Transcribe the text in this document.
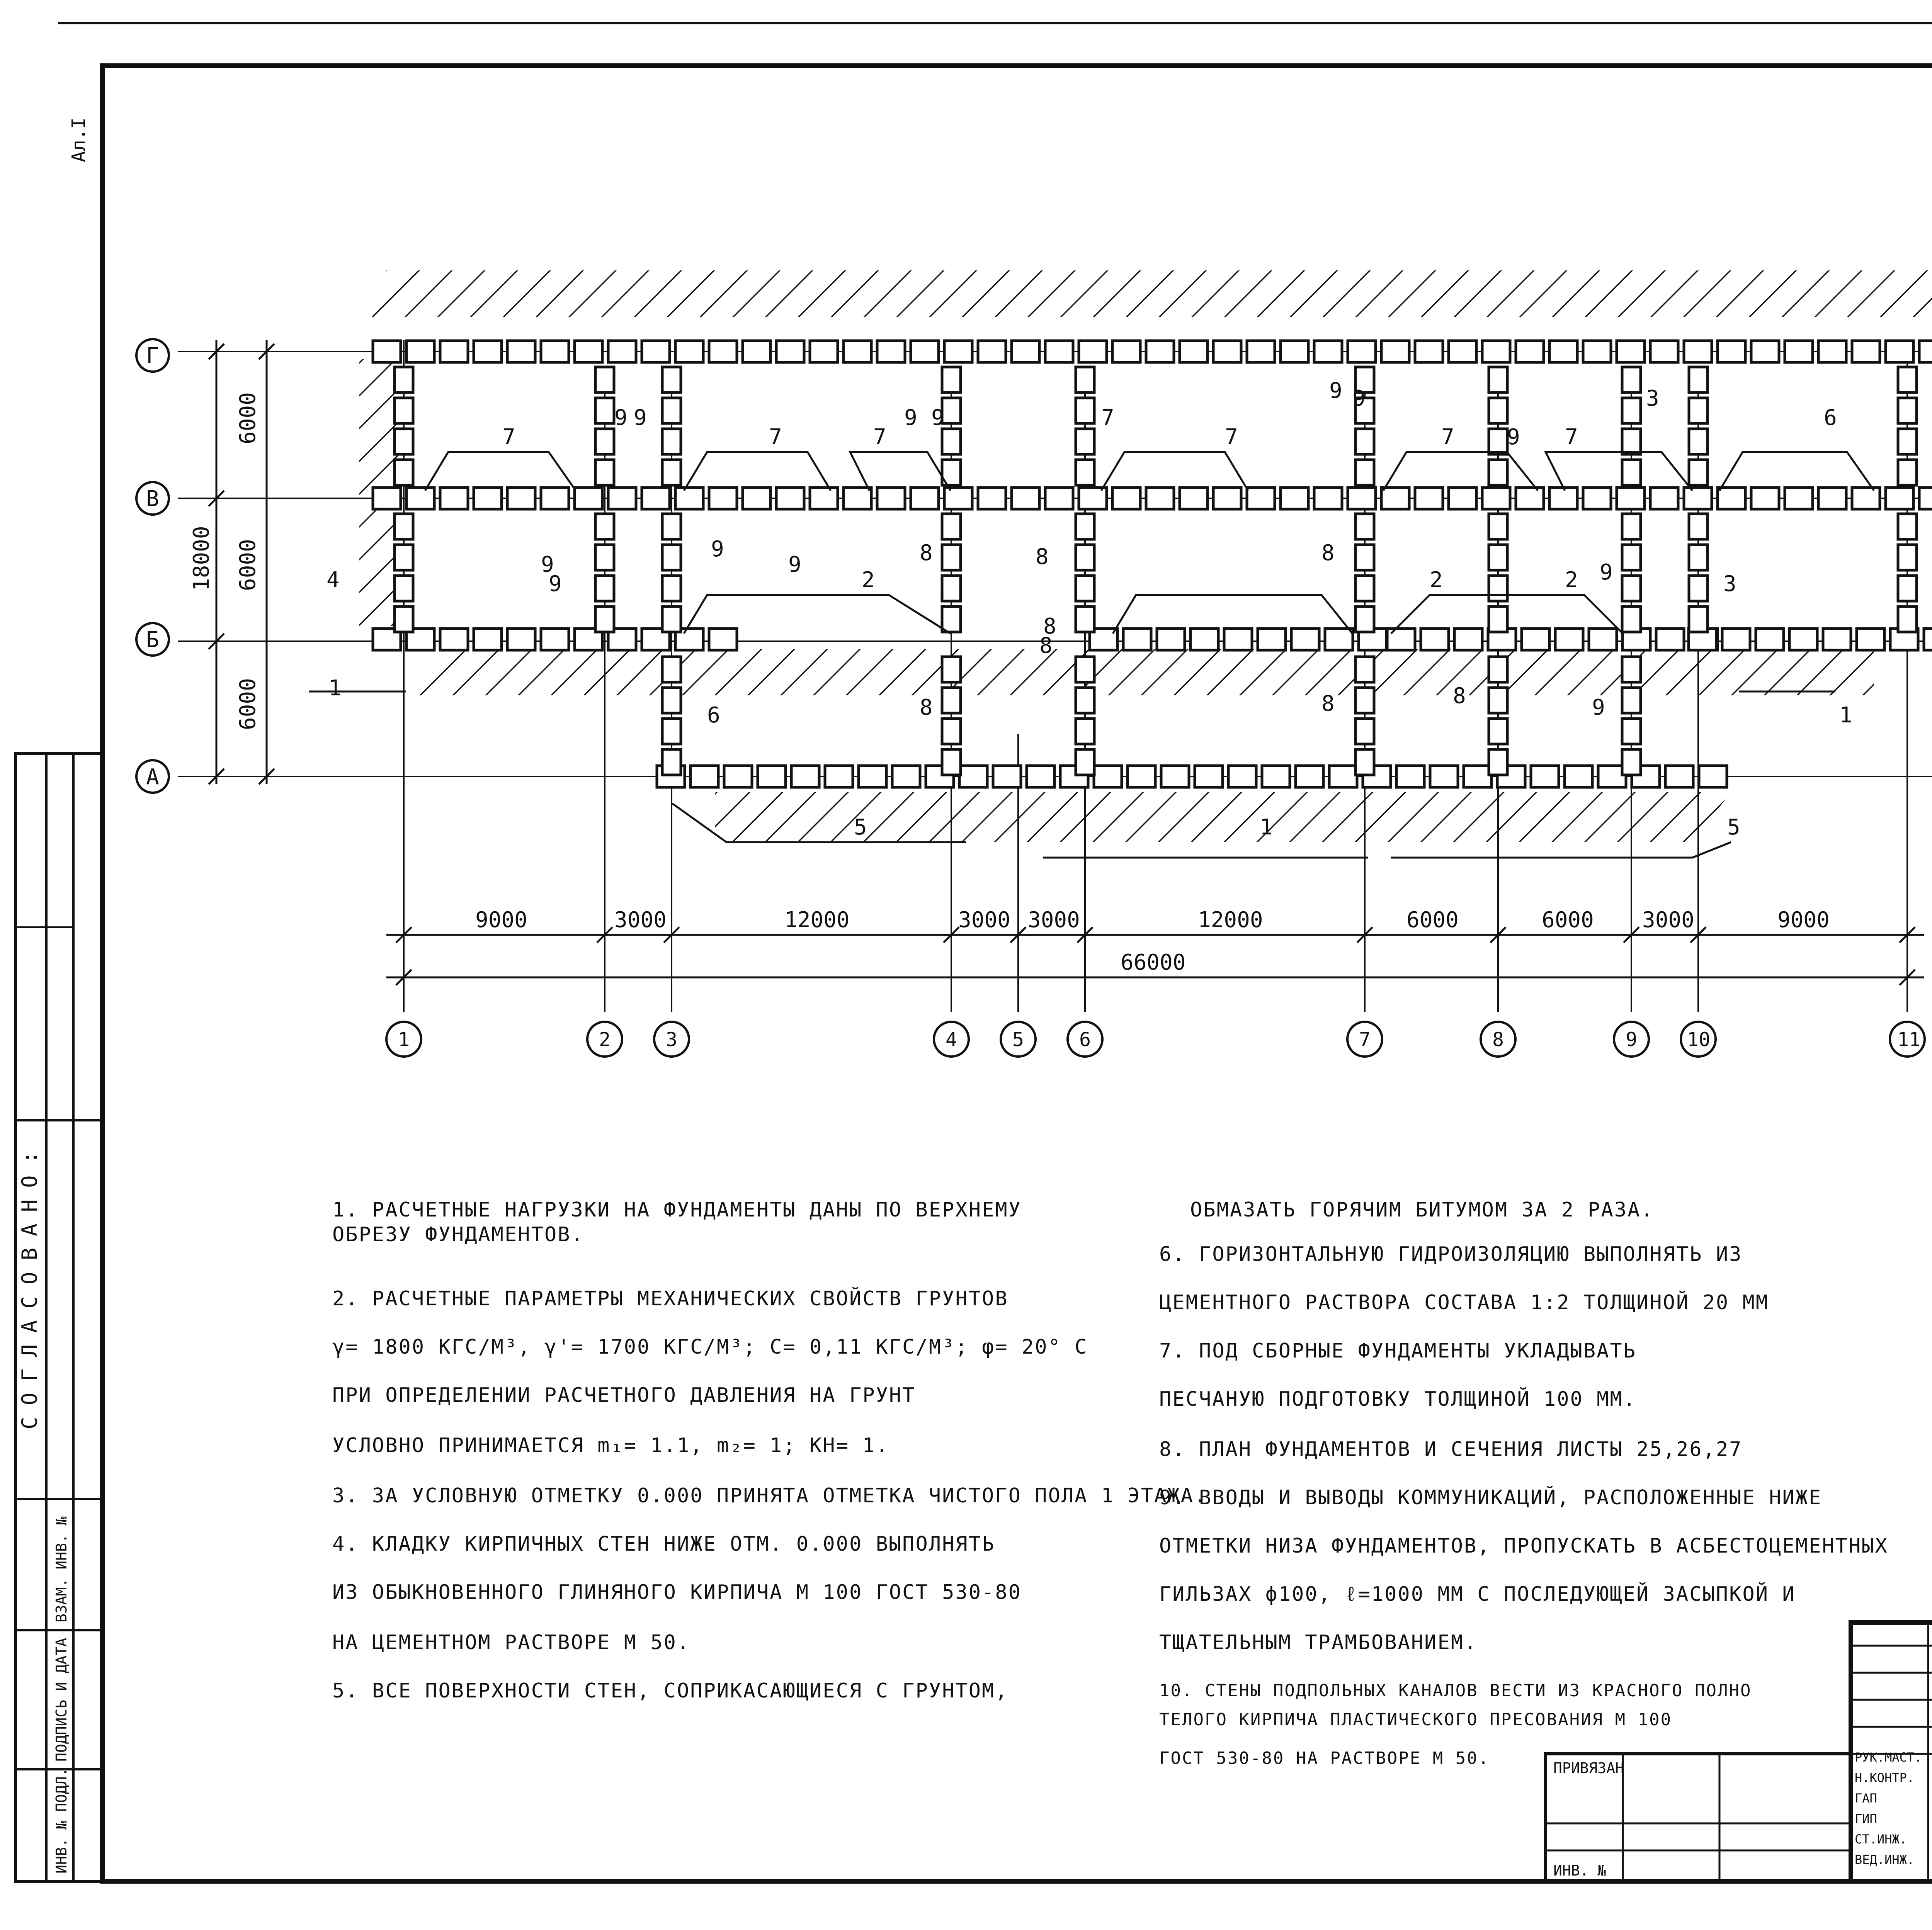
Ал.I
СОГЛАСОВАНО:
ИНВ. № ПОДЛ.
ПОДПИСЬ И ДАТА
ВЗАМ. ИНВ. №
6000
6000
6000
18000
9000	3000	12000	3000 3000	12000	6000	6000 3000	9000
66000
Г
В
Б
А
1	2	3	4	5	6	7	8	9	10	11
9 9
7	7
9 9
7
7
9
7
9
7 9
3
7
6
4
9
9
9
2
8
8
8
8
2	2
8
3
6	1
9
8
8
8
9
1
5	1	5
9
ПРИВЯЗАН
ИНВ. №
РУК.МАСТ.
Н.КОНТР.
ГАП
ГИП
СТ.ИНЖ.
ВЕД.ИНЖ.
1. РАСЧЕТНЫЕ НАГРУЗКИ НА ФУНДАМЕНТЫ ДАНЫ ПО ВЕРХНЕМУ
ОБРЕЗУ ФУНДАМЕНТОВ.
2. РАСЧЕТНЫЕ ПАРАМЕТРЫ МЕХАНИЧЕСКИХ СВОЙСТВ ГРУНТОВ
γ= 1800 КГС/М³, γ'= 1700 КГС/М³; С= 0,11 КГС/М³; φ= 20° С
ПРИ ОПРЕДЕЛЕНИИ РАСЧЕТНОГО ДАВЛЕНИЯ НА ГРУНТ
УСЛОВНО ПРИНИМАЕТСЯ m₁= 1.1, m₂= 1; КН= 1.
3. ЗА УСЛОВНУЮ ОТМЕТКУ 0.000 ПРИНЯТА ОТМЕТКА ЧИСТОГО ПОЛА 1 ЭТАЖА.
4. КЛАДКУ КИРПИЧНЫХ СТЕН НИЖЕ ОТМ. 0.000 ВЫПОЛНЯТЬ
ИЗ ОБЫКНОВЕННОГО ГЛИНЯНОГО КИРПИЧА М 100 ГОСТ 530-80
НА ЦЕМЕНТНОМ РАСТВОРЕ М 50.
5. ВСЕ ПОВЕРХНОСТИ СТЕН, СОПРИКАСАЮЩИЕСЯ С ГРУНТОМ,
ОБМАЗАТЬ ГОРЯЧИМ БИТУМОМ ЗА 2 РАЗА.
6. ГОРИЗОНТАЛЬНУЮ ГИДРОИЗОЛЯЦИЮ ВЫПОЛНЯТЬ ИЗ
ЦЕМЕНТНОГО РАСТВОРА СОСТАВА 1:2 ТОЛЩИНОЙ 20 ММ
7. ПОД СБОРНЫЕ ФУНДАМЕНТЫ УКЛАДЫВАТЬ
ПЕСЧАНУЮ ПОДГОТОВКУ ТОЛЩИНОЙ 100 ММ.
8. ПЛАН ФУНДАМЕНТОВ И СЕЧЕНИЯ ЛИСТЫ 25,26,27
9. ВВОДЫ И ВЫВОДЫ КОММУНИКАЦИЙ, РАСПОЛОЖЕННЫЕ НИЖЕ
ОТМЕТКИ НИЗА ФУНДАМЕНТОВ, ПРОПУСКАТЬ В АСБЕСТОЦЕМЕНТНЫХ
ГИЛЬЗАХ ϕ100, ℓ=1000 ММ С ПОСЛЕДУЮЩЕЙ ЗАСЫПКОЙ И
ТЩАТЕЛЬНЫМ ТРАМБОВАНИЕМ.
10. СТЕНЫ ПОДПОЛЬНЫХ КАНАЛОВ ВЕСТИ ИЗ КРАСНОГО ПОЛНО
ТЕЛОГО КИРПИЧА ПЛАСТИЧЕСКОГО ПРЕСОВАНИЯ М 100
ГОСТ 530-80 НА РАСТВОРЕ М 50.
